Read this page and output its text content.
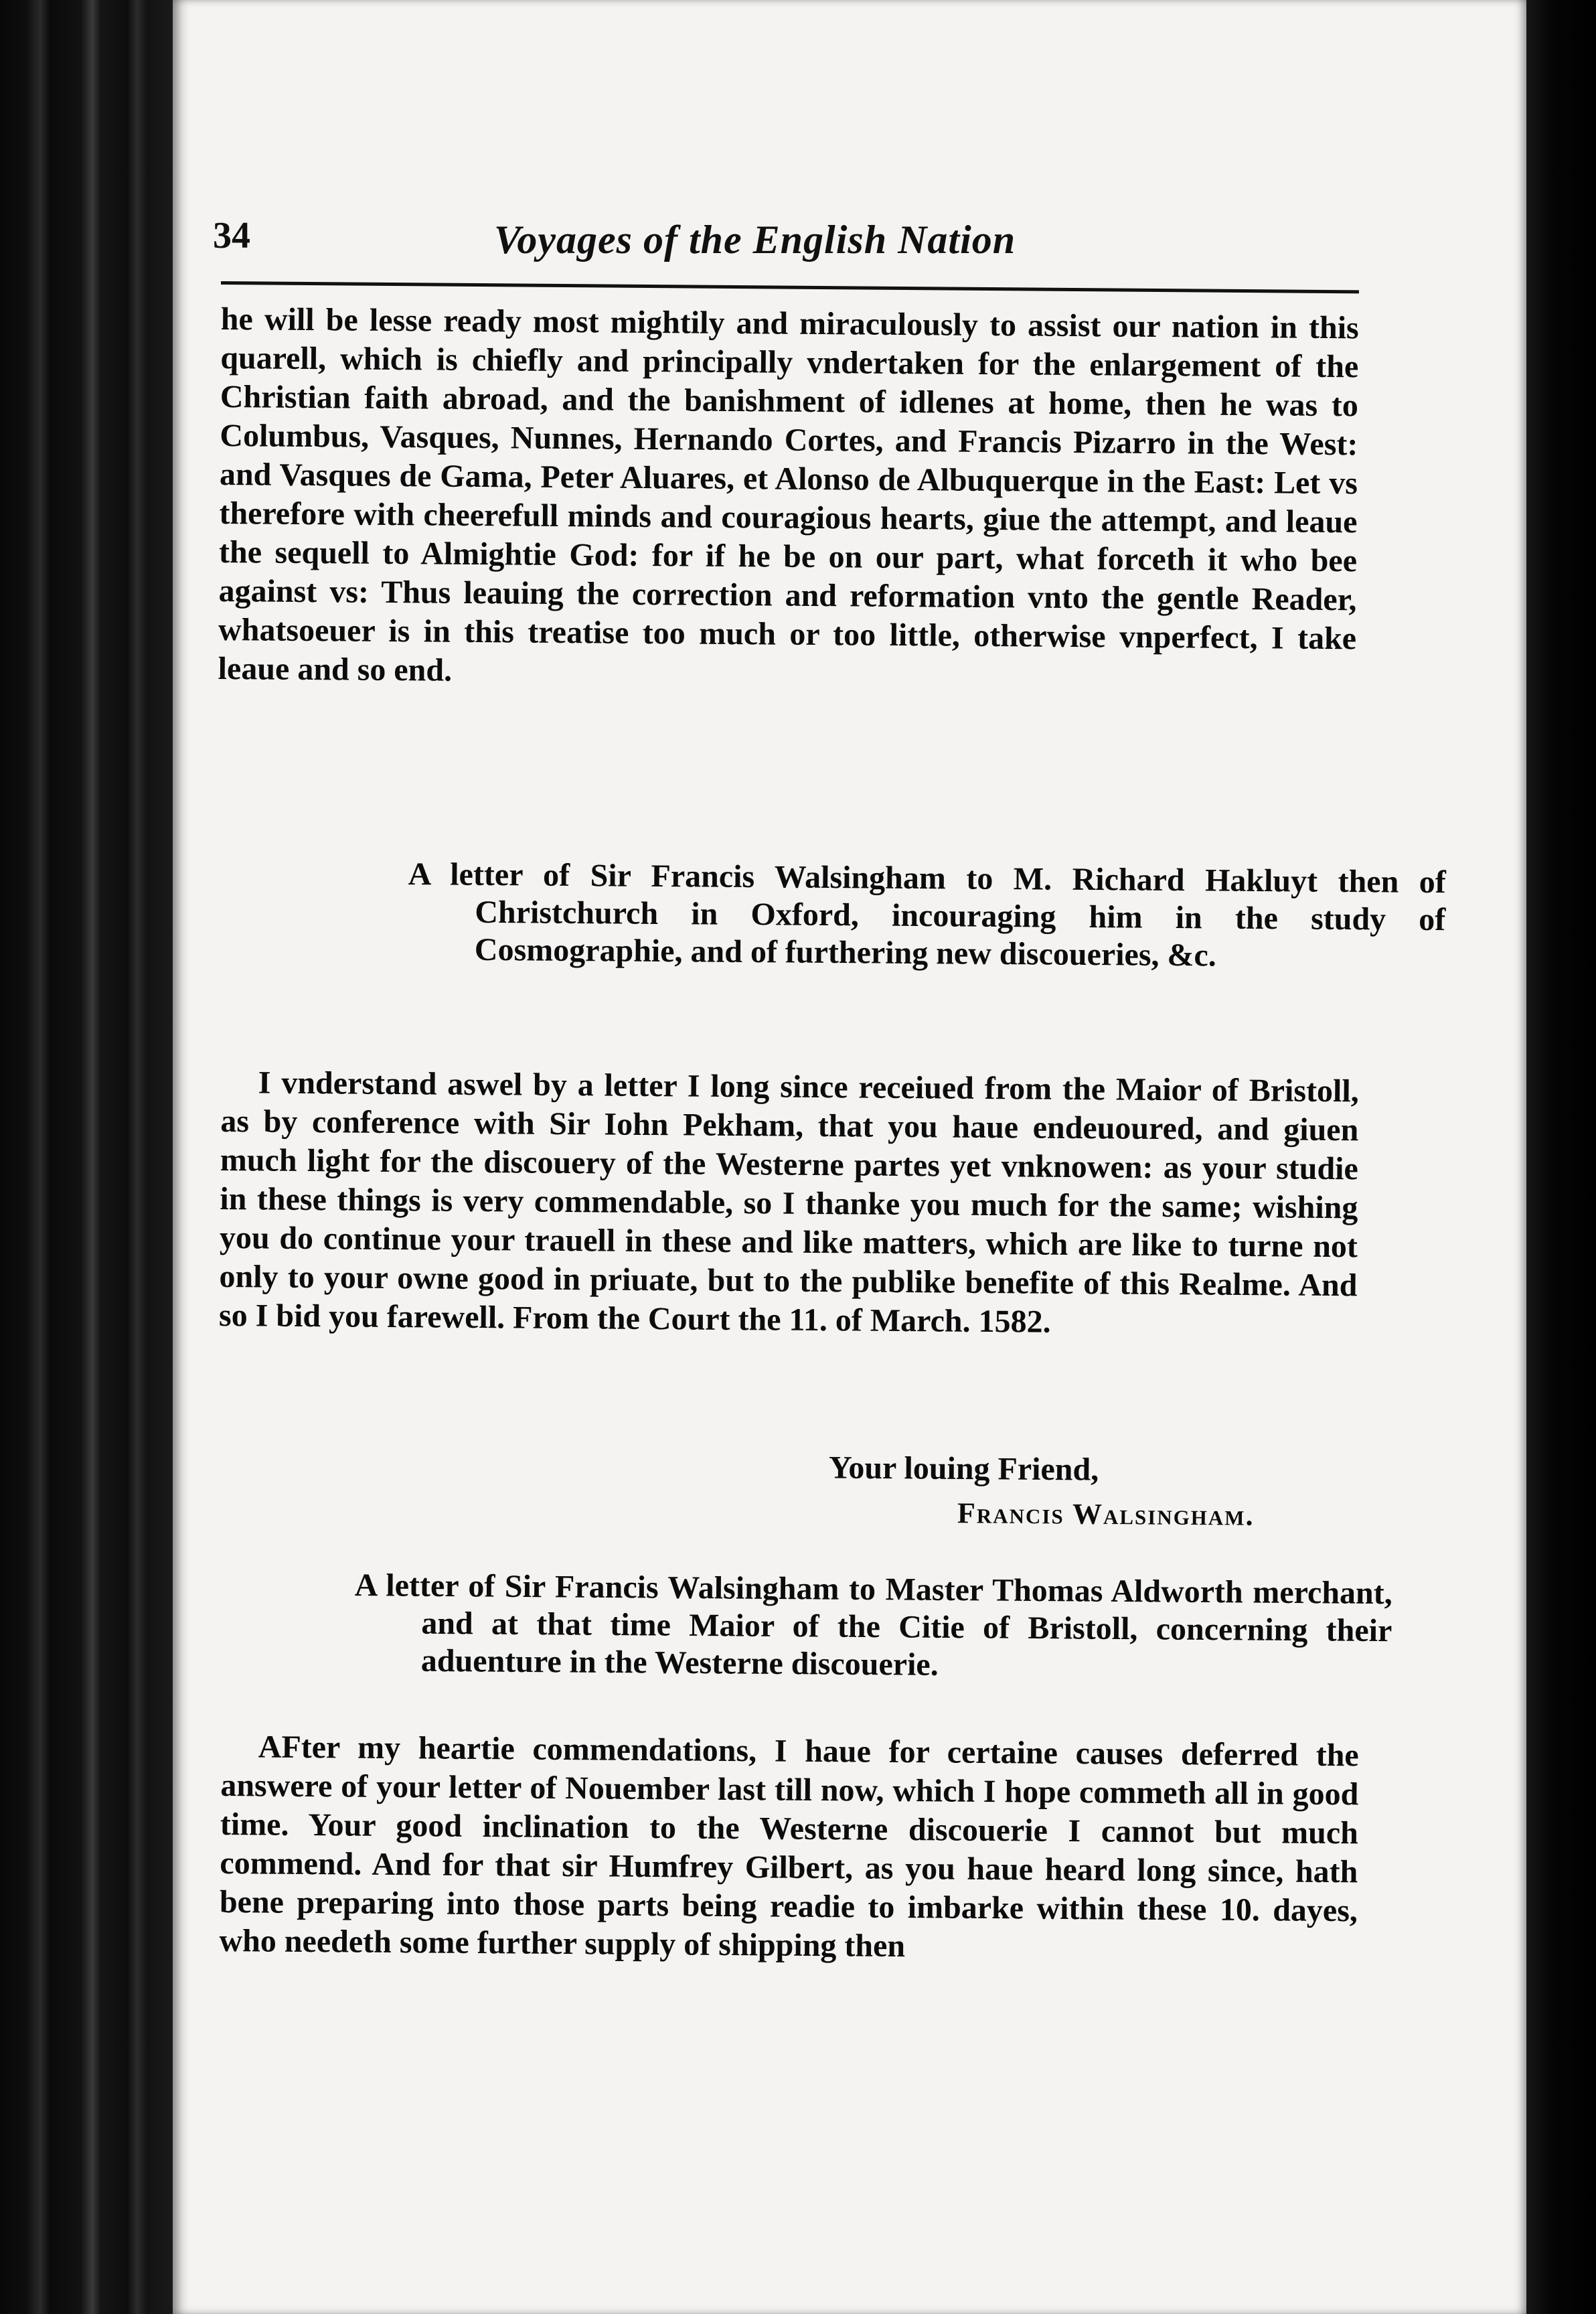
34	Voyages of the English Nation

he will be lesse ready most mightily and miraculously to assist our nation in this quarell, which is chiefly and principally vndertaken for the enlargement of the Christian faith abroad, and the banishment of idlenes at home, then he was to Columbus, Vasques, Nunnes, Hernando Cortes, and Francis Pizarro in the West: and Vasques de Gama, Peter Aluares, et Alonso de Albuquerque in the East: Let vs therefore with cheerefull minds and couragious hearts, giue the attempt, and leaue the sequell to Almightie God: for if he be on our part, what forceth it who bee against vs: Thus leauing the correction and reformation vnto the gentle Reader, whatsoeuer is in this treatise too much or too little, otherwise vnperfect, I take leaue and so end.

A letter of Sir Francis Walsingham to M. Richard Hakluyt then of Christchurch in Oxford, incouraging him in the study of Cosmographie, and of furthering new discoueries, &c.

I vnderstand aswel by a letter I long since receiued from the Maior of Bristoll, as by conference with Sir Iohn Pekham, that you haue endeuoured, and giuen much light for the discouery of the Westerne partes yet vnknowen: as your studie in these things is very commendable, so I thanke you much for the same; wishing you do continue your trauell in these and like matters, which are like to turne not only to your owne good in priuate, but to the publike benefite of this Realme. And so I bid you farewell. From the Court the 11. of March. 1582.

Your louing Friend,
Francis Walsingham.
A letter of Sir Francis Walsingham to Master Thomas Aldworth merchant, and at that time Maior of the Citie of Bristoll, concerning their aduenture in the Westerne discouerie.

AFter my heartie commendations, I haue for certaine causes deferred the answere of your letter of Nouember last till now, which I hope commeth all in good time. Your good inclination to the Westerne discouerie I cannot but much commend. And for that sir Humfrey Gilbert, as you haue heard long since, hath bene preparing into those parts being readie to imbarke within these 10. dayes, who needeth some further supply of shipping then
